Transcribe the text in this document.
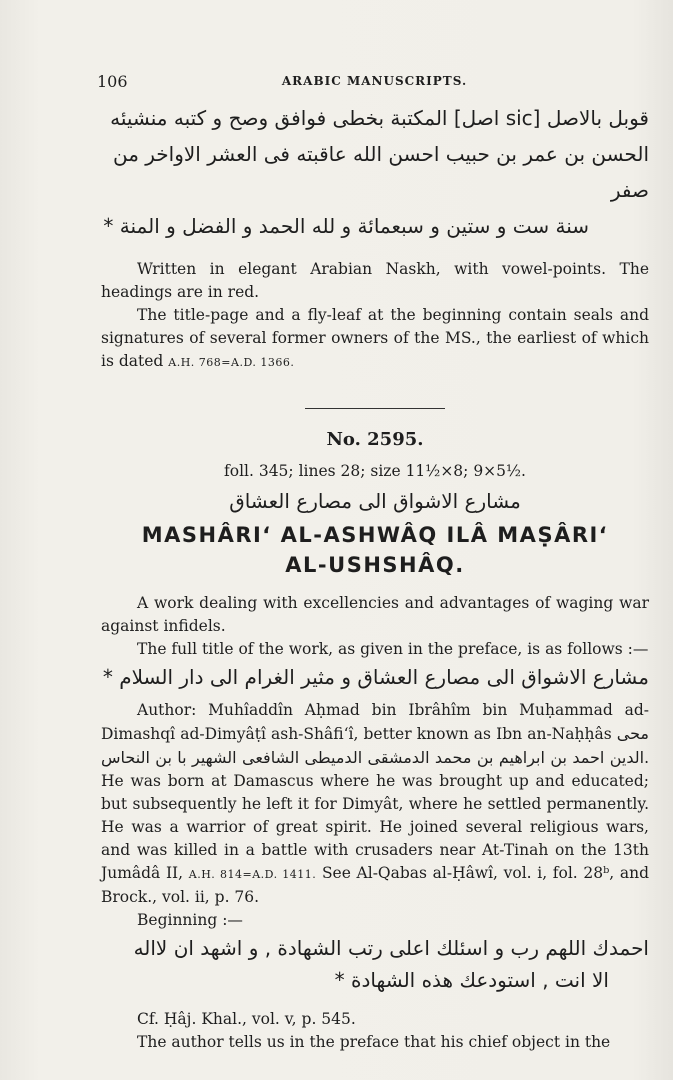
106	ARABIC MANUSCRIPTS.
قوبل بالاصل [sic اصل] المكتبة بخطى فوافق وصح و كتبه منشيئه
الحسن بن عمر بن حبيب احسن الله عاقبته فى العشر الاواخر من صفر
سنة ست و ستين و سبعمائة و لله الحمد و الفضل و المنة *

Written in elegant Arabian Naskh, with vowel-points. The headings are in red.

The title-page and a fly-leaf at the beginning contain seals and signatures of several former owners of the MS., the earliest of which is dated A.H. 768=A.D. 1366.

No. 2595.
foll. 345; lines 28; size 11½×8; 9×5½.
مشارع الاشواق الى مصارع العشاق
MASHÂRI‘ AL-ASHWÂQ ILÂ MAṢÂRI‘
AL-USHSHÂQ.

A work dealing with excellencies and advantages of waging war against infidels.

The full title of the work, as given in the preface, is as follows :—

مشارع الاشواق الى مصارع العشاق و مثير الغرام الى دار السلام *

Author: Muhîaddîn Aḥmad bin Ibrâhîm bin Muḥammad ad-Dimashqî ad-Dimyâṭî ash-Shâfi‘î, better known as Ibn an-Naḥḥâs محى الدين احمد بن ابراهيم بن محمد الدمشقى الدميطى الشافعى الشهير با بن النحاس. He was born at Damascus where he was brought up and educated; but subsequently he left it for Dimyât, where he settled permanently. He was a warrior of great spirit. He joined several religious wars, and was killed in a battle with crusaders near At-Tinah on the 13th Jumâdâ II, A.H. 814=A.D. 1411. See Al-Qabas al-Ḥâwî, vol. i, fol. 28ᵇ, and Brock., vol. ii, p. 76.

Beginning :—

احمدك اللهم رب و اسئلك اعلى رتب الشهادة , و اشهد ان لااله
الا انت , استودعك هذه الشهادة *

Cf. Ḥâj. Khal., vol. v, p. 545.

The author tells us in the preface that his chief object in the
